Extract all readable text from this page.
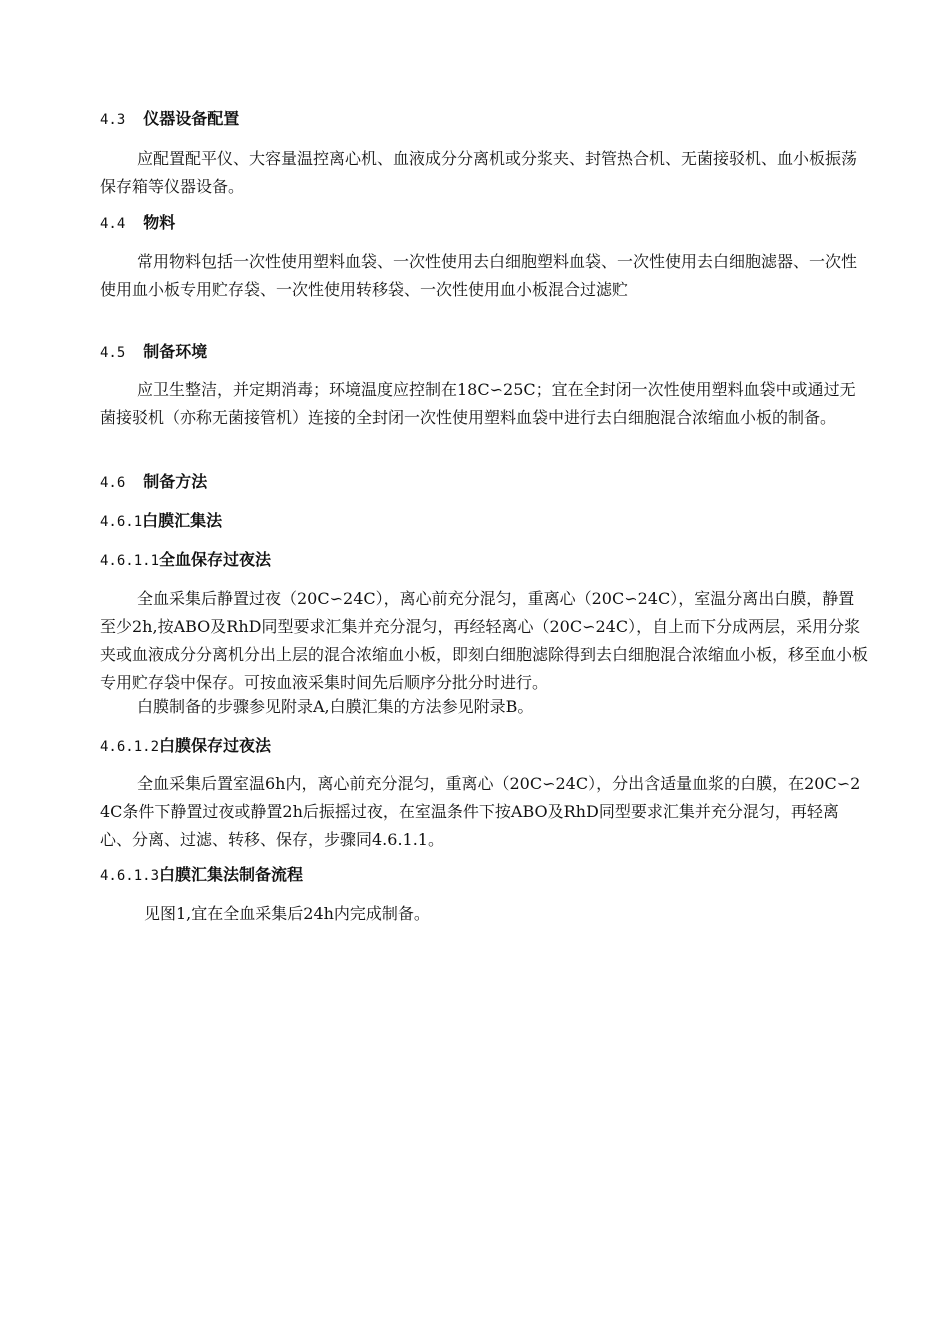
4.3 仪器设备配置

应配置配平仪、大容量温控离心机、血液成分分离机或分浆夹、封管热合机、无菌接驳机、血小板振荡保存箱等仪器设备。

4.4 物料

常用物料包括一次性使用塑料血袋、一次性使用去白细胞塑料血袋、一次性使用去白细胞滤器、一次性使用血小板专用贮存袋、一次性使用转移袋、一次性使用血小板混合过滤贮

4.5 制备环境

应卫生整洁，并定期消毒；环境温度应控制在18C∽25C；宜在全封闭一次性使用塑料血袋中或通过无菌接驳机（亦称无菌接管机）连接的全封闭一次性使用塑料血袋中进行去白细胞混合浓缩血小板的制备。

4.6 制备方法
4.6.1白膜汇集法
4.6.1.1全血保存过夜法

全血采集后静置过夜（20C∽24C），离心前充分混匀，重离心（20C∽24C），室温分离出白膜，静置至少2h,按ABO及RhD同型要求汇集并充分混匀，再经轻离心（20C∽24C），自上而下分成两层，采用分浆夹或血液成分分离机分出上层的混合浓缩血小板，即刻白细胞滤除得到去白细胞混合浓缩血小板，移至血小板专用贮存袋中保存。可按血液采集时间先后顺序分批分时进行。

白膜制备的步骤参见附录A,白膜汇集的方法参见附录B。

4.6.1.2白膜保存过夜法

全血采集后置室温6h内，离心前充分混匀，重离心（20C∽24C），分出含适量血浆的白膜，在20C∽24C条件下静置过夜或静置2h后振摇过夜，在室温条件下按ABO及RhD同型要求汇集并充分混匀，再轻离心、分离、过滤、转移、保存，步骤同4.6.1.1。

4.6.1.3白膜汇集法制备流程

见图1,宜在全血采集后24h内完成制备。
